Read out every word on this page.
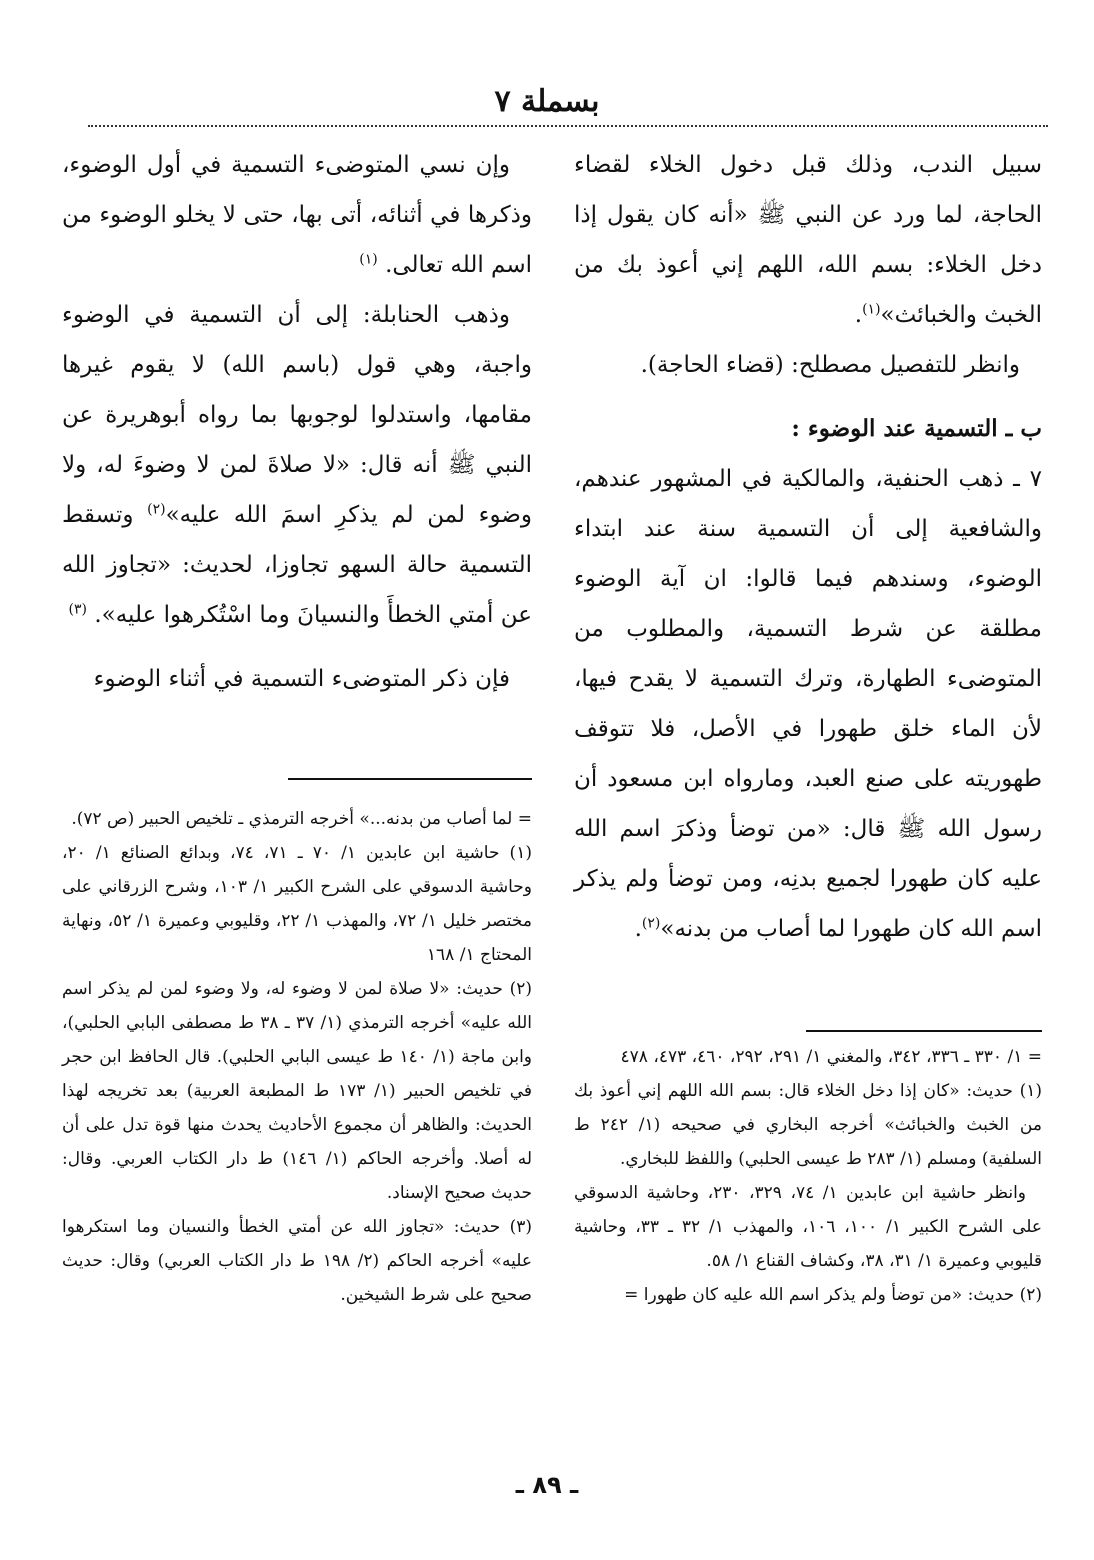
بسملة ٧

سبيل الندب، وذلك قبل دخول الخلاء لقضاء الحاجة، لما ورد عن النبي ﷺ «أنه كان يقول إذا دخل الخلاء: بسم الله، اللهم إني أعوذ بك من الخبث والخبائث»$^{(١)}$.

وانظر للتفصيل مصطلح: (قضاء الحاجة).

ب ـ التسمية عند الوضوء :

٧ ـ ذهب الحنفية، والمالكية في المشهور عندهم، والشافعية إلى أن التسمية سنة عند ابتداء الوضوء، وسندهم فيما قالوا: ان آية الوضوء مطلقة عن شرط التسمية، والمطلوب من المتوضىء الطهارة، وترك التسمية لا يقدح فيها، لأن الماء خلق طهورا في الأصل، فلا تتوقف طهوريته على صنع العبد، ومارواه ابن مسعود أن رسول الله ﷺ قال: «من توضأ وذكرَ اسم الله عليه كان طهورا لجميع بدنِه، ومن توضأ ولم يذكر اسم الله كان طهورا لما أصاب من بدنه»$^{(٢)}$.

وإن نسي المتوضىء التسمية في أول الوضوء، وذكرها في أثنائه، أتى بها، حتى لا يخلو الوضوء من اسم الله تعالى. $^{(١)}$

وذهب الحنابلة: إلى أن التسمية في الوضوء واجبة، وهي قول (باسم الله) لا يقوم غيرها مقامها، واستدلوا لوجوبها بما رواه أبوهريرة عن النبي ﷺ أنه قال: «لا صلاةَ لمن لا وضوءَ له، ولا وضوء لمن لم يذكرِ اسمَ الله عليه»$^{(٢)}$ وتسقط التسمية حالة السهو تجاوزا، لحديث: «تجاوز الله عن أمتي الخطأَ والنسيانَ وما اسْتُكرهوا عليه». $^{(٣)}$

فإن ذكر المتوضىء التسمية في أثناء الوضوء

= لما أصاب من بدنه...» أخرجه الترمذي ـ تلخيص الحبير (ص ٧٢).

(١) حاشية ابن عابدين ١/ ٧٠ ـ ٧١، ٧٤، وبدائع الصنائع ١/ ٢٠، وحاشية الدسوقي على الشرح الكبير ١/ ١٠٣، وشرح الزرقاني على مختصر خليل ١/ ٧٢، والمهذب ١/ ٢٢، وقليوبي وعميرة ١/ ٥٢، ونهاية المحتاج ١/ ١٦٨

(٢) حديث: «لا صلاة لمن لا وضوء له، ولا وضوء لمن لم يذكر اسم الله عليه» أخرجه الترمذي (١/ ٣٧ ـ ٣٨ ط مصطفى البابي الحلبي)، وابن ماجة (١/ ١٤٠ ط عيسى البابي الحلبي). قال الحافظ ابن حجر في تلخيص الحبير (١/ ١٧٣ ط المطبعة العربية) بعد تخريجه لهذا الحديث: والظاهر أن مجموع الأحاديث يحدث منها قوة تدل على أن له أصلا. وأخرجه الحاكم (١/ ١٤٦) ط دار الكتاب العربي. وقال: حديث صحيح الإسناد.

(٣) حديث: «تجاوز الله عن أمتي الخطأ والنسيان وما استكرهوا عليه» أخرجه الحاكم (٢/ ١٩٨ ط دار الكتاب العربي) وقال: حديث صحيح على شرط الشيخين.

= ١/ ٣٣٠ ـ ٣٣٦، ٣٤٢، والمغني ١/ ٢٩١، ٢٩٢، ٤٦٠، ٤٧٣، ٤٧٨

(١) حديث: «كان إذا دخل الخلاء قال: بسم الله اللهم إني أعوذ بك من الخبث والخبائث» أخرجه البخاري في صحيحه (١/ ٢٤٢ ط السلفية) ومسلم (١/ ٢٨٣ ط عيسى الحلبي) واللفظ للبخاري.

وانظر حاشية ابن عابدين ١/ ٧٤، ٣٢٩، ٢٣٠، وحاشية الدسوقي على الشرح الكبير ١/ ١٠٠، ١٠٦، والمهذب ١/ ٣٢ ـ ٣٣، وحاشية قليوبي وعميرة ١/ ٣١، ٣٨، وكشاف القناع ١/ ٥٨.

(٢) حديث: «من توضأ ولم يذكر اسم الله عليه كان طهورا =

ـ ٨٩ ـ
